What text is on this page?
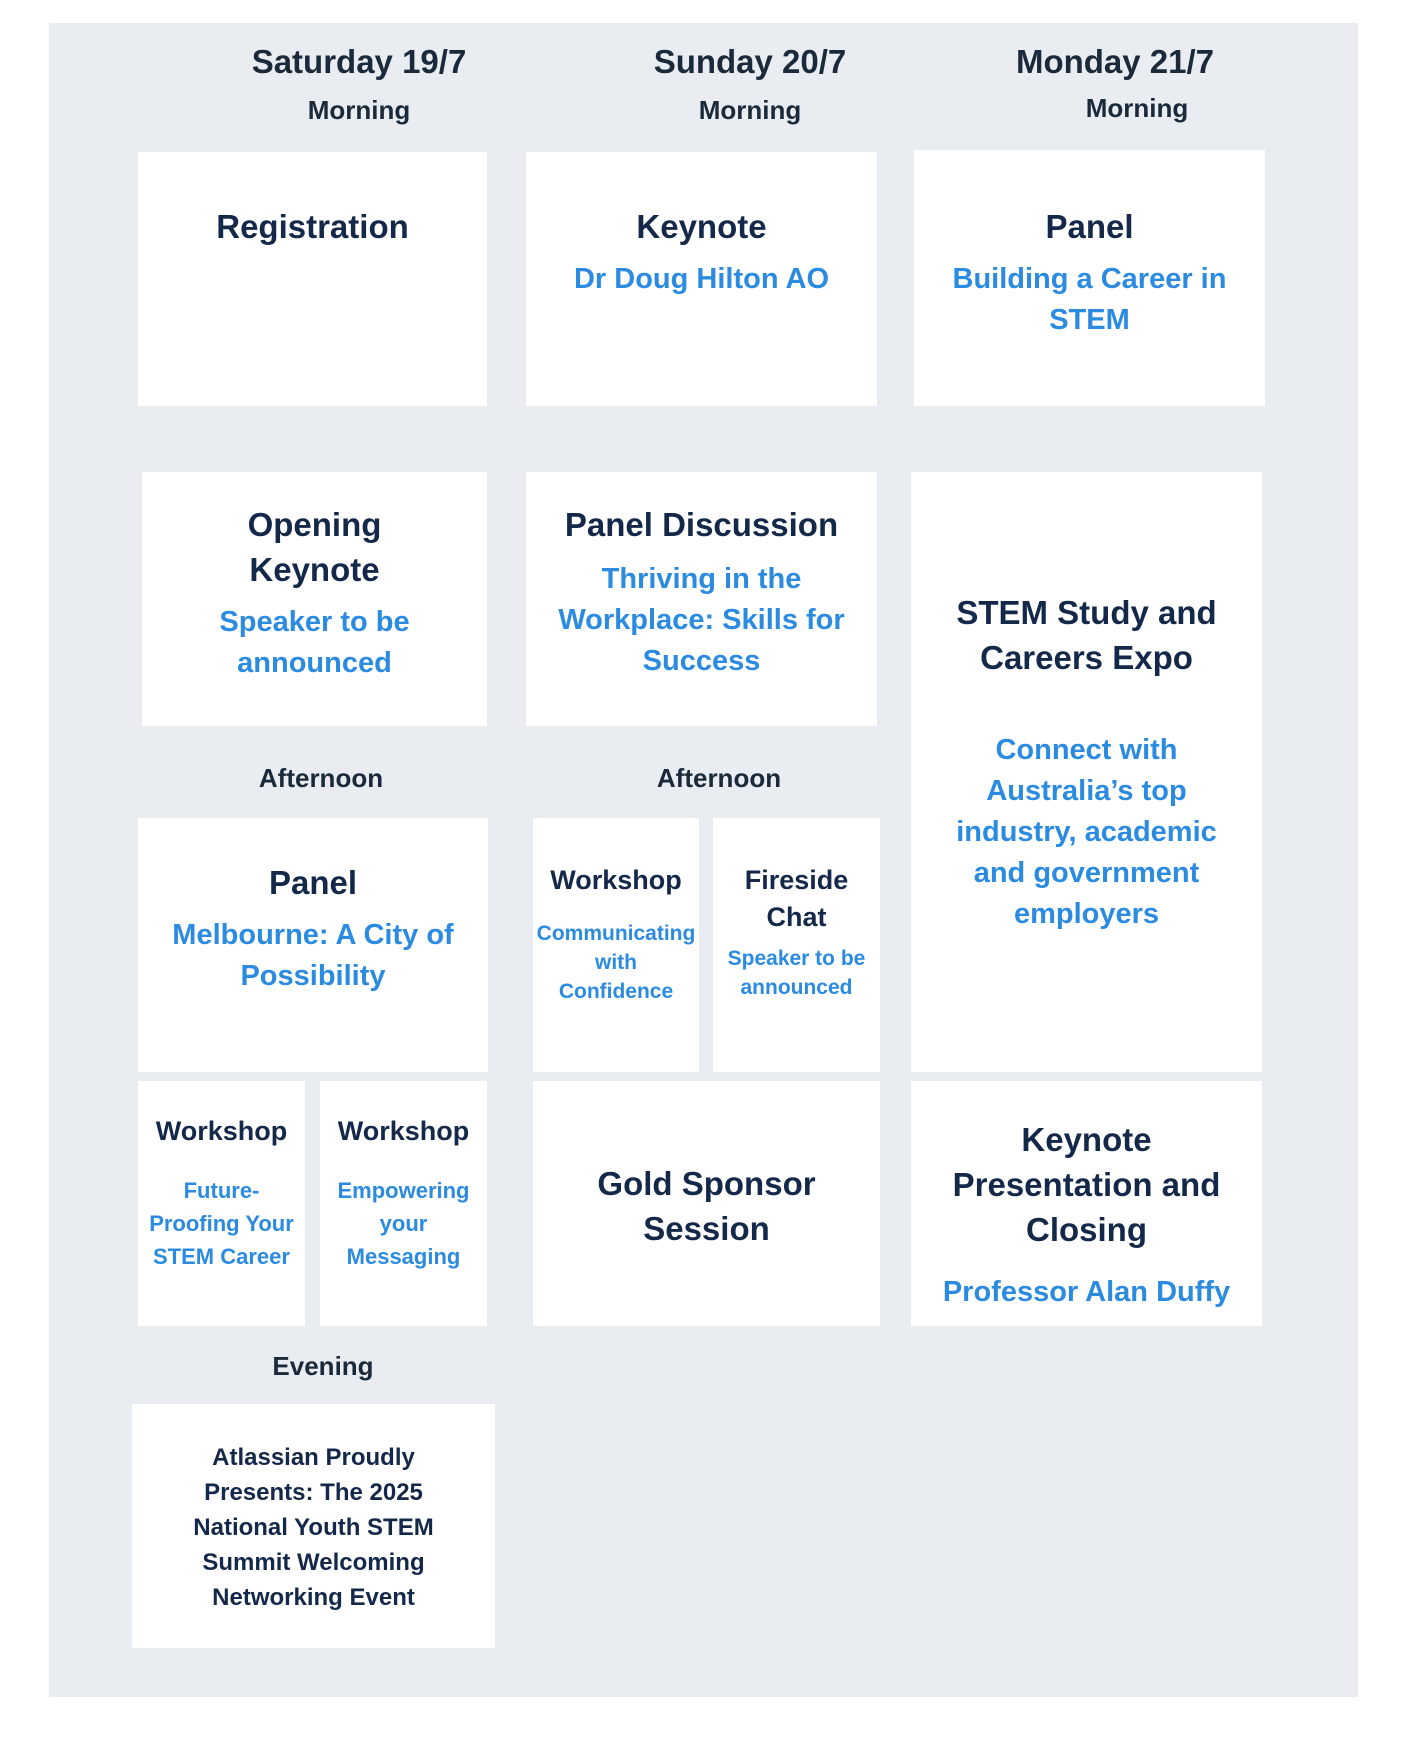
Saturday 19/7
Morning
Sunday 20/7
Morning
Monday 21/7
Morning
Registration
Opening Keynote
Speaker to be announced
Afternoon
Panel
Melbourne: A City of Possibility
Workshop
Future-Proofing Your STEM Career
Workshop
Empowering your Messaging
Evening
Atlassian Proudly Presents: The 2025 National Youth STEM Summit Welcoming Networking Event
Keynote
Dr Doug Hilton AO
Panel Discussion
Thriving in the Workplace: Skills for Success
Afternoon
Workshop
Communicating with Confidence
Fireside Chat
Speaker to be announced
Gold Sponsor Session
Panel
Building a Career in STEM
STEM Study and Careers Expo
Connect with Australia’s top industry, academic and government employers
Keynote Presentation and Closing
Professor Alan Duffy
